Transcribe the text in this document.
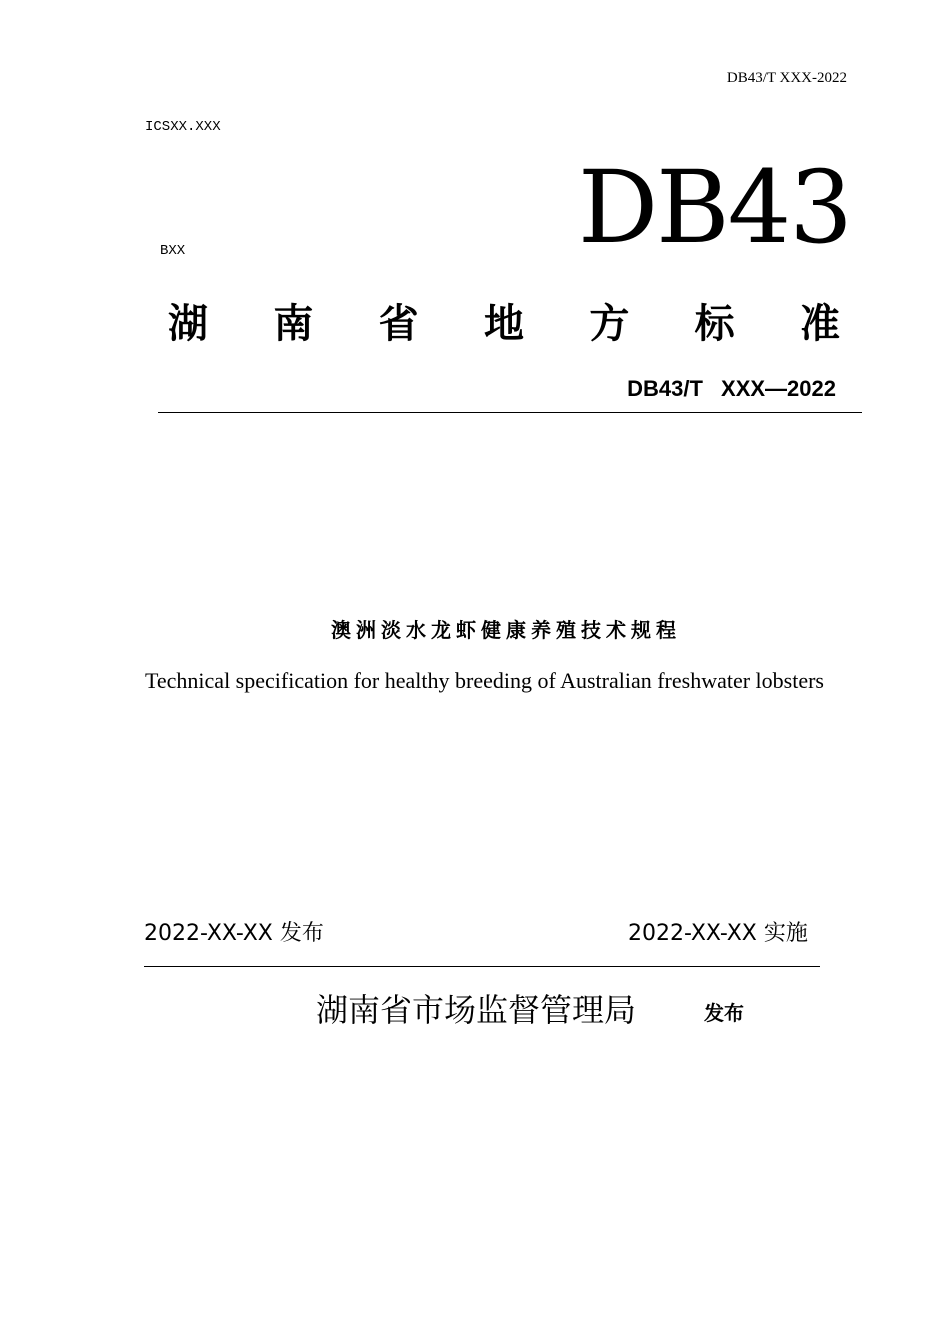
DB43/T XXX-2022
ICSXX.XXX
BXX	DB43
湖 南 省 地 方 标 准
DB43/T XXX—2022
澳洲淡水龙虾健康养殖技术规程
Technical specification for healthy breeding of Australian freshwater lobsters
2022-XX-XX 发布	2022-XX-XX 实施
湖南省市场监督管理局	发布
